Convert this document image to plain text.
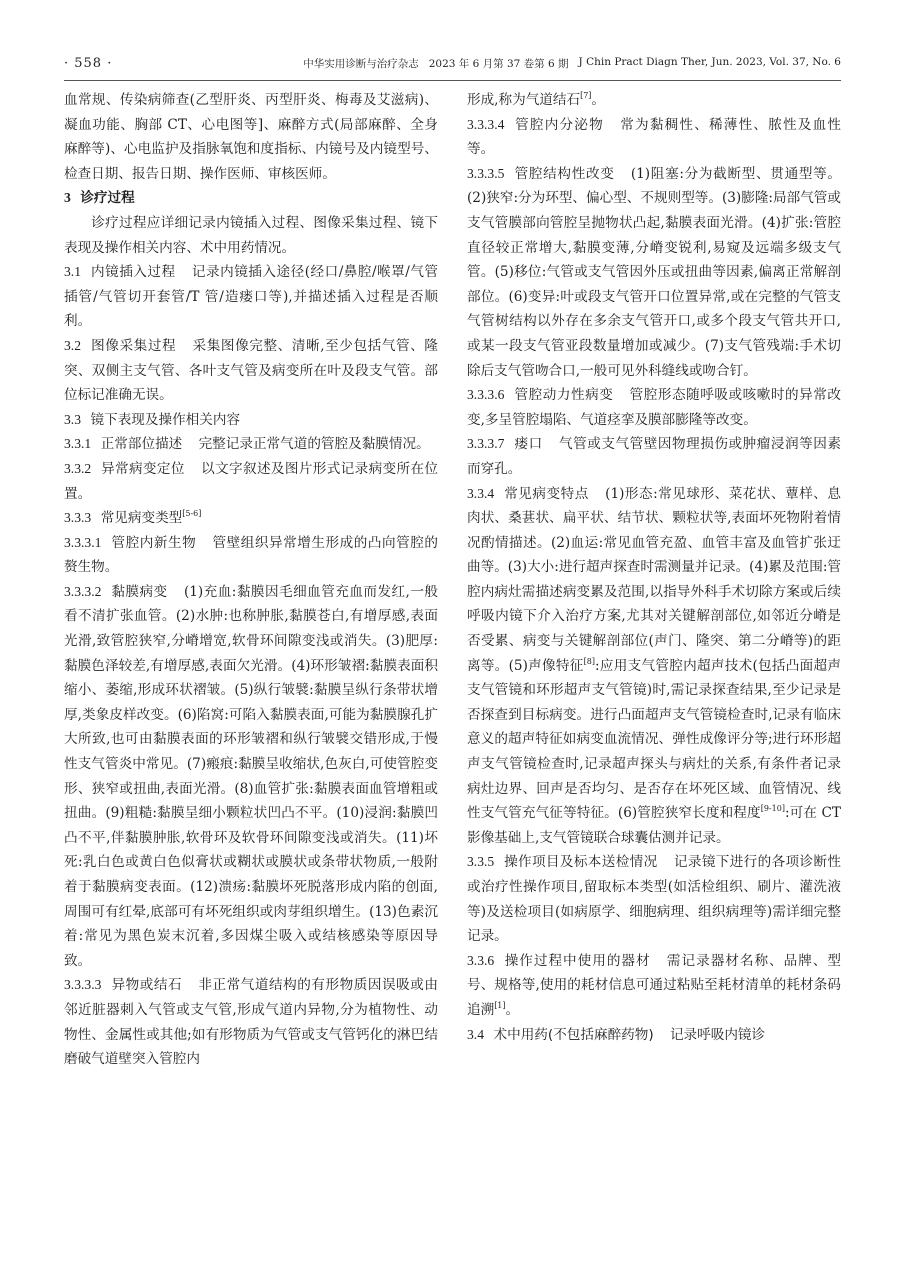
· 558 ·	中华实用诊断与治疗杂志 2023 年 6 月第 37 卷第 6 期 J Chin Pract Diagn Ther, Jun. 2023, Vol. 37, No. 6

血常规、传染病筛查(乙型肝炎、丙型肝炎、梅毒及艾滋病)、凝血功能、胸部 CT、心电图等]、麻醉方式(局部麻醉、全身麻醉等)、心电监护及指脉氧饱和度指标、内镜号及内镜型号、检查日期、报告日期、操作医师、审核医师。

3 诊疗过程

诊疗过程应详细记录内镜插入过程、图像采集过程、镜下表现及操作相关内容、术中用药情况。

3.1 内镜插入过程 记录内镜插入途径(经口/鼻腔/喉罩/气管插管/气管切开套管/T 管/造瘘口等),并描述插入过程是否顺利。

3.2 图像采集过程 采集图像完整、清晰,至少包括气管、隆突、双侧主支气管、各叶支气管及病变所在叶及段支气管。部位标记准确无误。

3.3 镜下表现及操作相关内容

3.3.1 正常部位描述 完整记录正常气道的管腔及黏膜情况。

3.3.2 异常病变定位 以文字叙述及图片形式记录病变所在位置。

3.3.3 常见病变类型[5-6]

3.3.3.1 管腔内新生物 管壁组织异常增生形成的凸向管腔的赘生物。

3.3.3.2 黏膜病变 (1)充血:黏膜因毛细血管充血而发红,一般看不清扩张血管。(2)水肿:也称肿胀,黏膜苍白,有增厚感,表面光滑,致管腔狭窄,分嵴增宽,软骨环间隙变浅或消失。(3)肥厚:黏膜色泽较差,有增厚感,表面欠光滑。(4)环形皱褶:黏膜表面积缩小、萎缩,形成环状褶皱。(5)纵行皱襞:黏膜呈纵行条带状增厚,类象皮样改变。(6)陷窝:可陷入黏膜表面,可能为黏膜腺孔扩大所致,也可由黏膜表面的环形皱褶和纵行皱襞交错形成,于慢性支气管炎中常见。(7)瘢痕:黏膜呈收缩状,色灰白,可使管腔变形、狭窄或扭曲,表面光滑。(8)血管扩张:黏膜表面血管增粗或扭曲。(9)粗糙:黏膜呈细小颗粒状凹凸不平。(10)浸润:黏膜凹凸不平,伴黏膜肿胀,软骨环及软骨环间隙变浅或消失。(11)坏死:乳白色或黄白色似膏状或糊状或膜状或条带状物质,一般附着于黏膜病变表面。(12)溃疡:黏膜坏死脱落形成内陷的创面,周围可有红晕,底部可有坏死组织或肉芽组织增生。(13)色素沉着:常见为黑色炭末沉着,多因煤尘吸入或结核感染等原因导致。

3.3.3.3 异物或结石 非正常气道结构的有形物质因误吸或由邻近脏器刺入气管或支气管,形成气道内异物,分为植物性、动物性、金属性或其他;如有形物质为气管或支气管钙化的淋巴结磨破气道壁突入管腔内

形成,称为气道结石[7]。

3.3.3.4 管腔内分泌物 常为黏稠性、稀薄性、脓性及血性等。

3.3.3.5 管腔结构性改变 (1)阻塞:分为截断型、贯通型等。(2)狭窄:分为环型、偏心型、不规则型等。(3)膨隆:局部气管或支气管膜部向管腔呈抛物状凸起,黏膜表面光滑。(4)扩张:管腔直径较正常增大,黏膜变薄,分嵴变锐利,易窥及远端多级支气管。(5)移位:气管或支气管因外压或扭曲等因素,偏离正常解剖部位。(6)变异:叶或段支气管开口位置异常,或在完整的气管支气管树结构以外存在多余支气管开口,或多个段支气管共开口,或某一段支气管亚段数量增加或减少。(7)支气管残端:手术切除后支气管吻合口,一般可见外科缝线或吻合钉。

3.3.3.6 管腔动力性病变 管腔形态随呼吸或咳嗽时的异常改变,多呈管腔塌陷、气道痉挛及膜部膨隆等改变。

3.3.3.7 瘘口 气管或支气管壁因物理损伤或肿瘤浸润等因素而穿孔。

3.3.4 常见病变特点 (1)形态:常见球形、菜花状、蕈样、息肉状、桑葚状、扁平状、结节状、颗粒状等,表面坏死物附着情况酌情描述。(2)血运:常见血管充盈、血管丰富及血管扩张迂曲等。(3)大小:进行超声探查时需测量并记录。(4)累及范围:管腔内病灶需描述病变累及范围,以指导外科手术切除方案或后续呼吸内镜下介入治疗方案,尤其对关键解剖部位,如邻近分嵴是否受累、病变与关键解剖部位(声门、隆突、第二分嵴等)的距离等。(5)声像特征[8]:应用支气管腔内超声技术(包括凸面超声支气管镜和环形超声支气管镜)时,需记录探查结果,至少记录是否探查到目标病变。进行凸面超声支气管镜检查时,记录有临床意义的超声特征如病变血流情况、弹性成像评分等;进行环形超声支气管镜检查时,记录超声探头与病灶的关系,有条件者记录病灶边界、回声是否均匀、是否存在坏死区域、血管情况、线性支气管充气征等特征。(6)管腔狭窄长度和程度[9-10]:可在 CT 影像基础上,支气管镜联合球囊估测并记录。

3.3.5 操作项目及标本送检情况 记录镜下进行的各项诊断性或治疗性操作项目,留取标本类型(如活检组织、刷片、灌洗液等)及送检项目(如病原学、细胞病理、组织病理等)需详细完整记录。

3.3.6 操作过程中使用的器材 需记录器材名称、品牌、型号、规格等,使用的耗材信息可通过粘贴至耗材清单的耗材条码追溯[1]。

3.4 术中用药(不包括麻醉药物) 记录呼吸内镜诊
